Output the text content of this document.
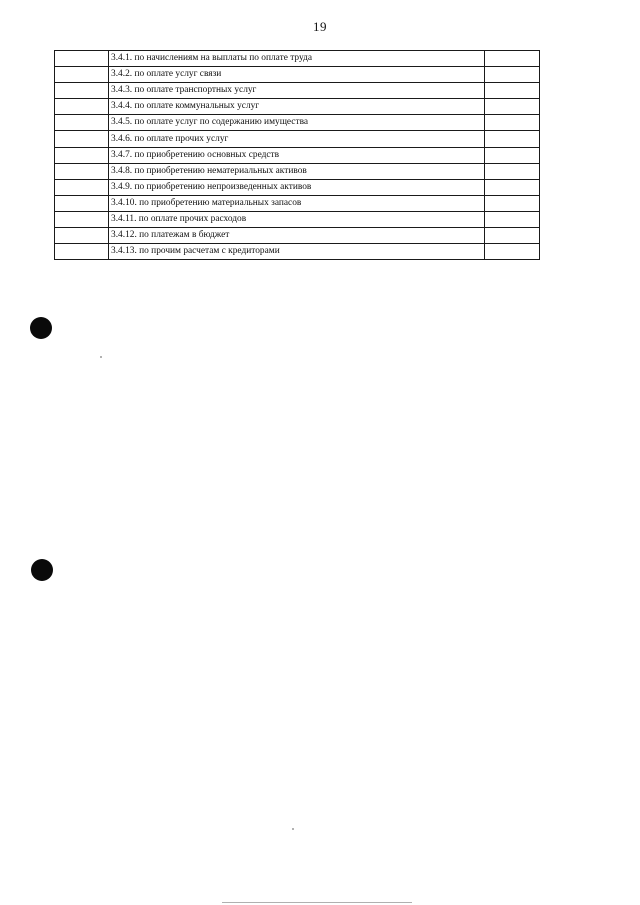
19
	3.4.1. по начислениям на выплаты по оплате труда	
	3.4.2. по оплате услуг связи	
	3.4.3. по оплате транспортных услуг	
	3.4.4. по оплате коммунальных услуг	
	3.4.5. по оплате услуг по содержанию имущества	
	3.4.6. по оплате прочих услуг	
	3.4.7. по приобретению основных средств	
	3.4.8. по приобретению нематериальных активов	
	3.4.9. по приобретению непроизведенных активов	
	3.4.10. по приобретению материальных запасов	
	3.4.11. по оплате прочих расходов	
	3.4.12. по платежам в бюджет	
	3.4.13. по прочим расчетам с кредиторами	
